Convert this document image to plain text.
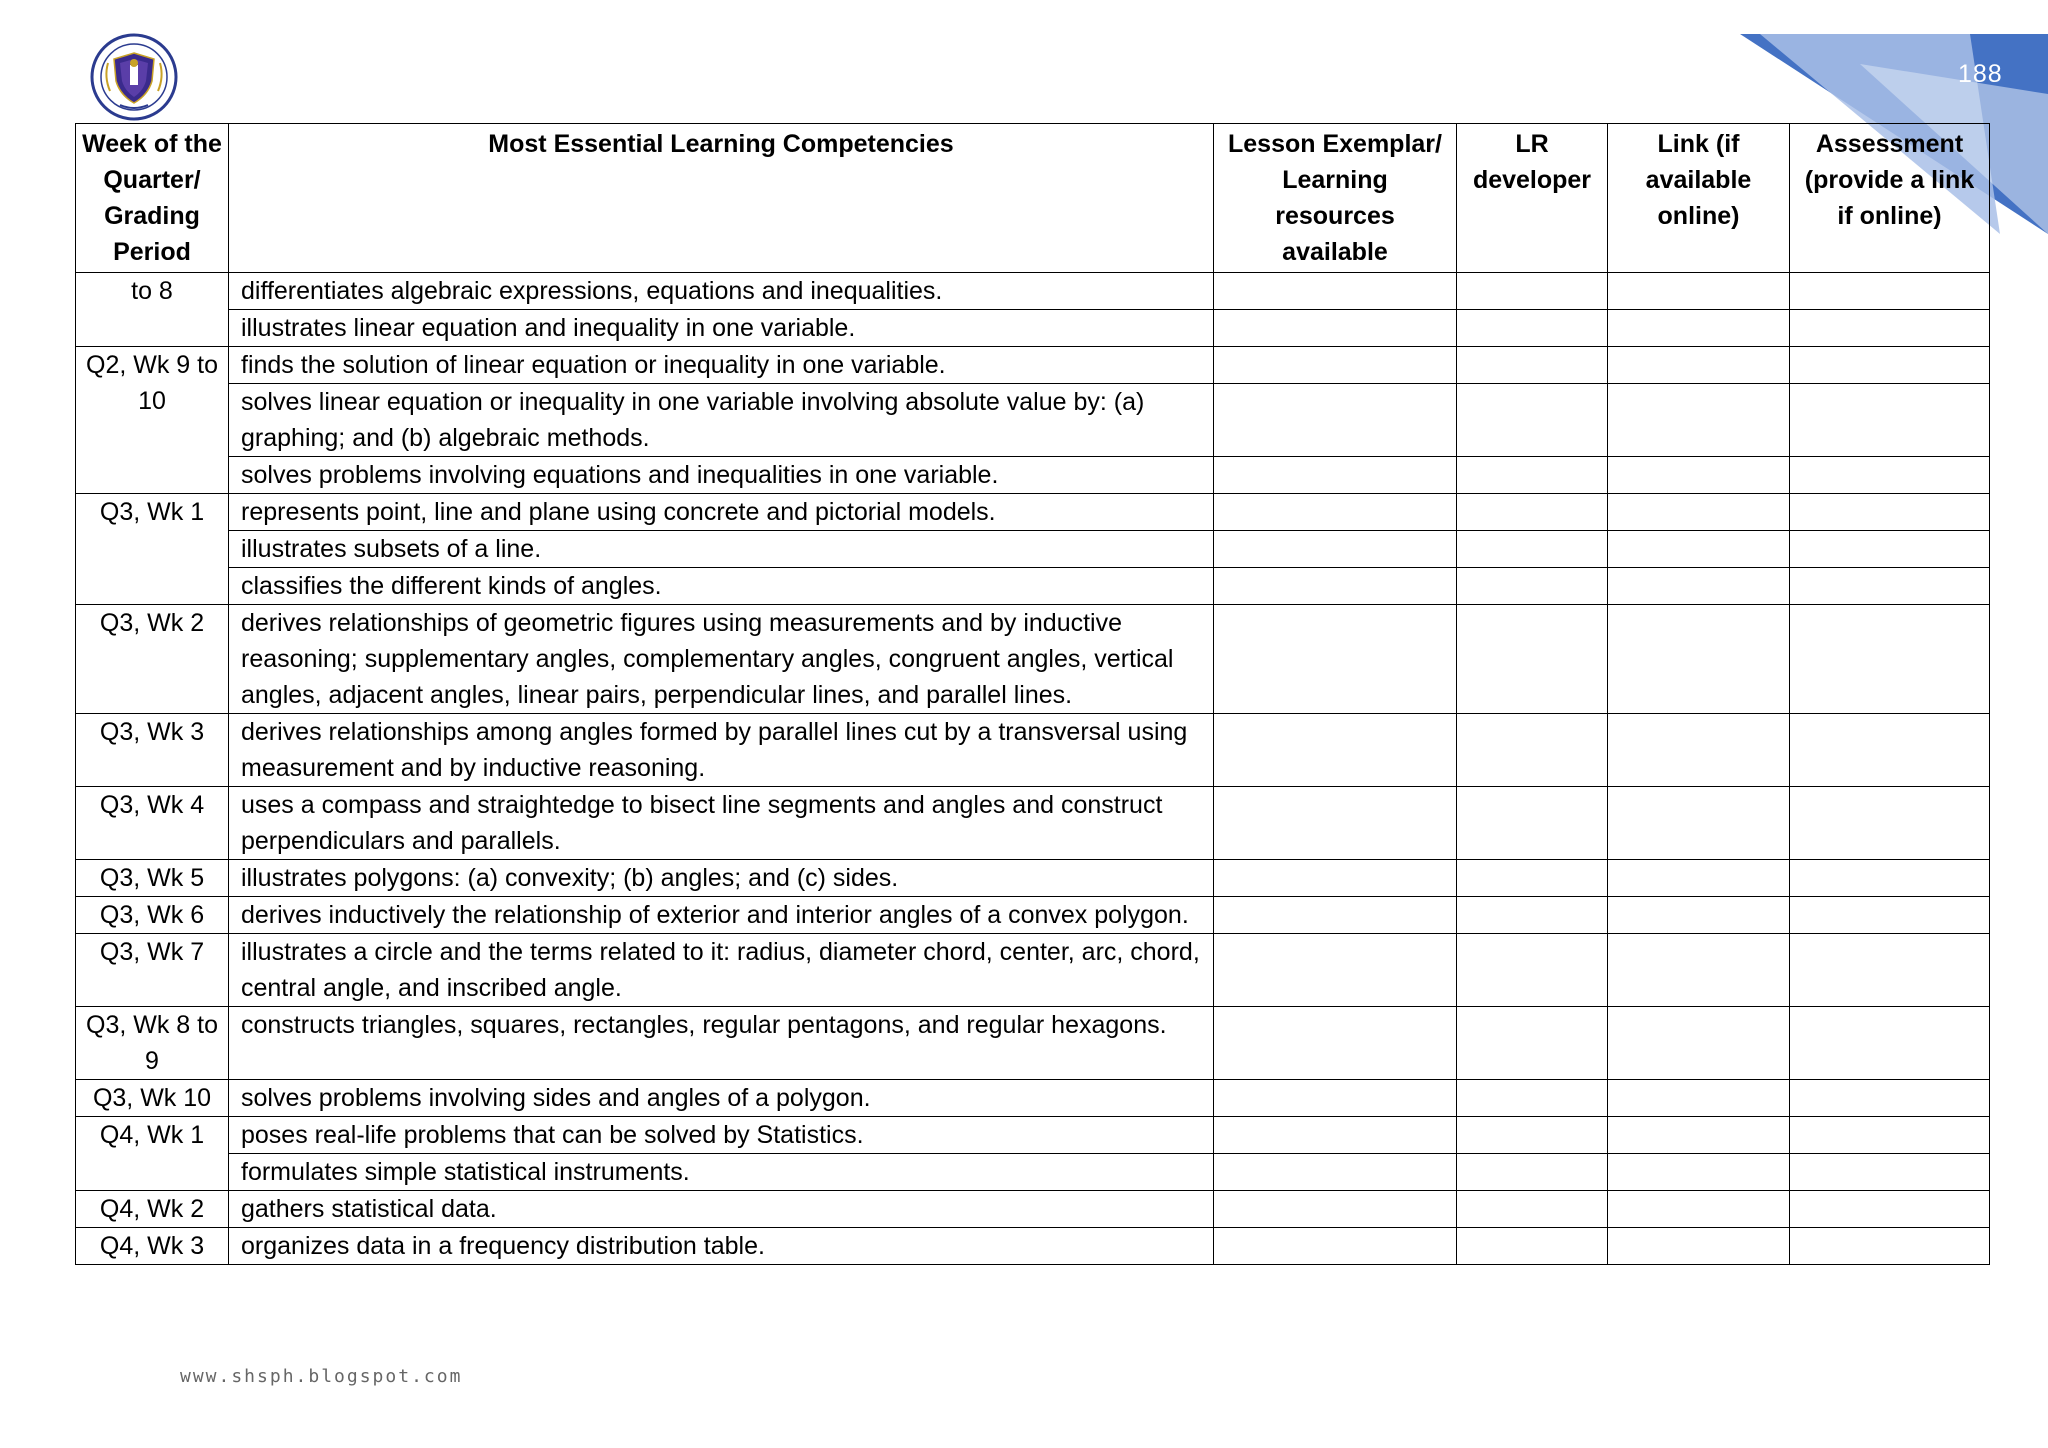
188
Week of the Quarter/ Grading Period	Most Essential Learning Competencies	Lesson Exemplar/ Learning resources available	LR developer	Link (if available online)	Assessment (provide a link if online)
to 8	differentiates algebraic expressions, equations and inequalities.				
	illustrates linear equation and inequality in one variable.				
Q2, Wk 9 to 10	finds the solution of linear equation or inequality in one variable.				
	solves linear equation or inequality in one variable involving absolute value by: (a) graphing; and (b) algebraic methods.				
	solves problems involving equations and inequalities in one variable.				
Q3, Wk 1	represents point, line and plane using concrete and pictorial models.				
	illustrates subsets of a line.				
	classifies the different kinds of angles.				
Q3, Wk 2	derives relationships of geometric figures using measurements and by inductive reasoning; supplementary angles, complementary angles, congruent angles, vertical angles, adjacent angles, linear pairs, perpendicular lines, and parallel lines.				
Q3, Wk 3	derives relationships among angles formed by parallel lines cut by a transversal using measurement and by inductive reasoning.				
Q3, Wk 4	uses a compass and straightedge to bisect line segments and angles and construct perpendiculars and parallels.				
Q3, Wk 5	illustrates polygons: (a) convexity; (b) angles; and (c) sides.				
Q3, Wk 6	derives inductively the relationship of exterior and interior angles of a convex polygon.				
Q3, Wk 7	illustrates a circle and the terms related to it: radius, diameter chord, center, arc, chord, central angle, and inscribed angle.				
Q3, Wk 8 to 9	constructs triangles, squares, rectangles, regular pentagons, and regular hexagons.				
Q3, Wk 10	solves problems involving sides and angles of a polygon.				
Q4, Wk 1	poses real-life problems that can be solved by Statistics.				
	formulates simple statistical instruments.				
Q4, Wk 2	gathers statistical data.				
Q4, Wk 3	organizes data in a frequency distribution table.				
www.shsph.blogspot.com
